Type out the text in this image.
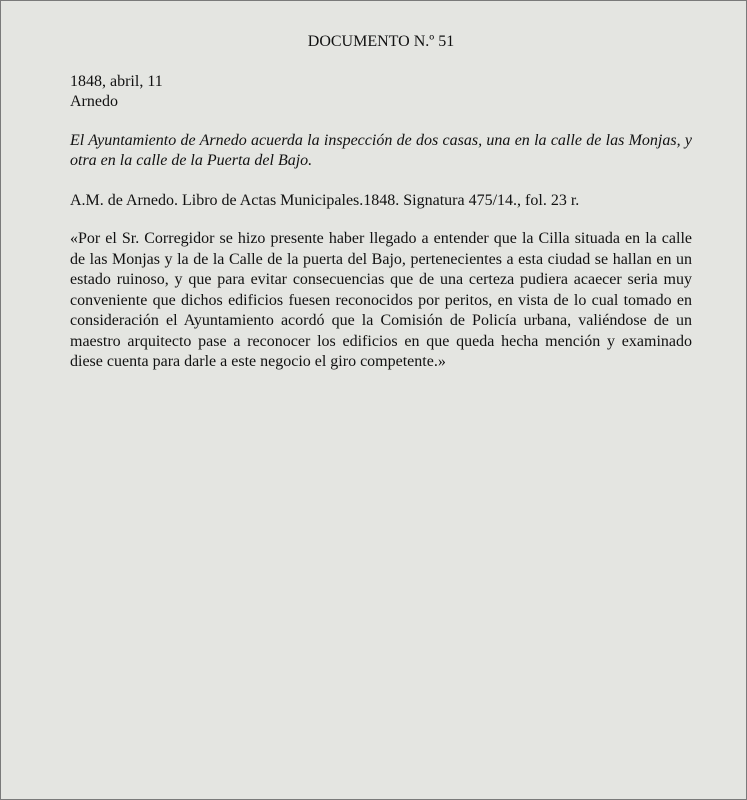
DOCUMENTO N.º 51

1848, abril, 11

Arnedo

El Ayuntamiento de Arnedo acuerda la inspección de dos casas, una en la calle de las Monjas, y otra en la calle de la Puerta del Bajo.

A.M. de Arnedo. Libro de Actas Municipales.1848. Signatura 475/14., fol. 23 r.

«Por el Sr. Corregidor se hizo presente haber llegado a entender que la Cilla situada en la calle de las Monjas y la de la Calle de la puerta del Bajo, pertenecientes a esta ciudad se hallan en un estado ruinoso, y que para evitar consecuencias que de una certeza pudiera acaecer seria muy conveniente que dichos edificios fuesen reconocidos por peritos, en vista de lo cual tomado en consideración el Ayuntamiento acordó que la Comisión de Policía urbana, valiéndose de un maestro arquitecto pase a reconocer los edificios en que queda hecha mención y examinado diese cuenta para darle a este negocio el giro competente.»
